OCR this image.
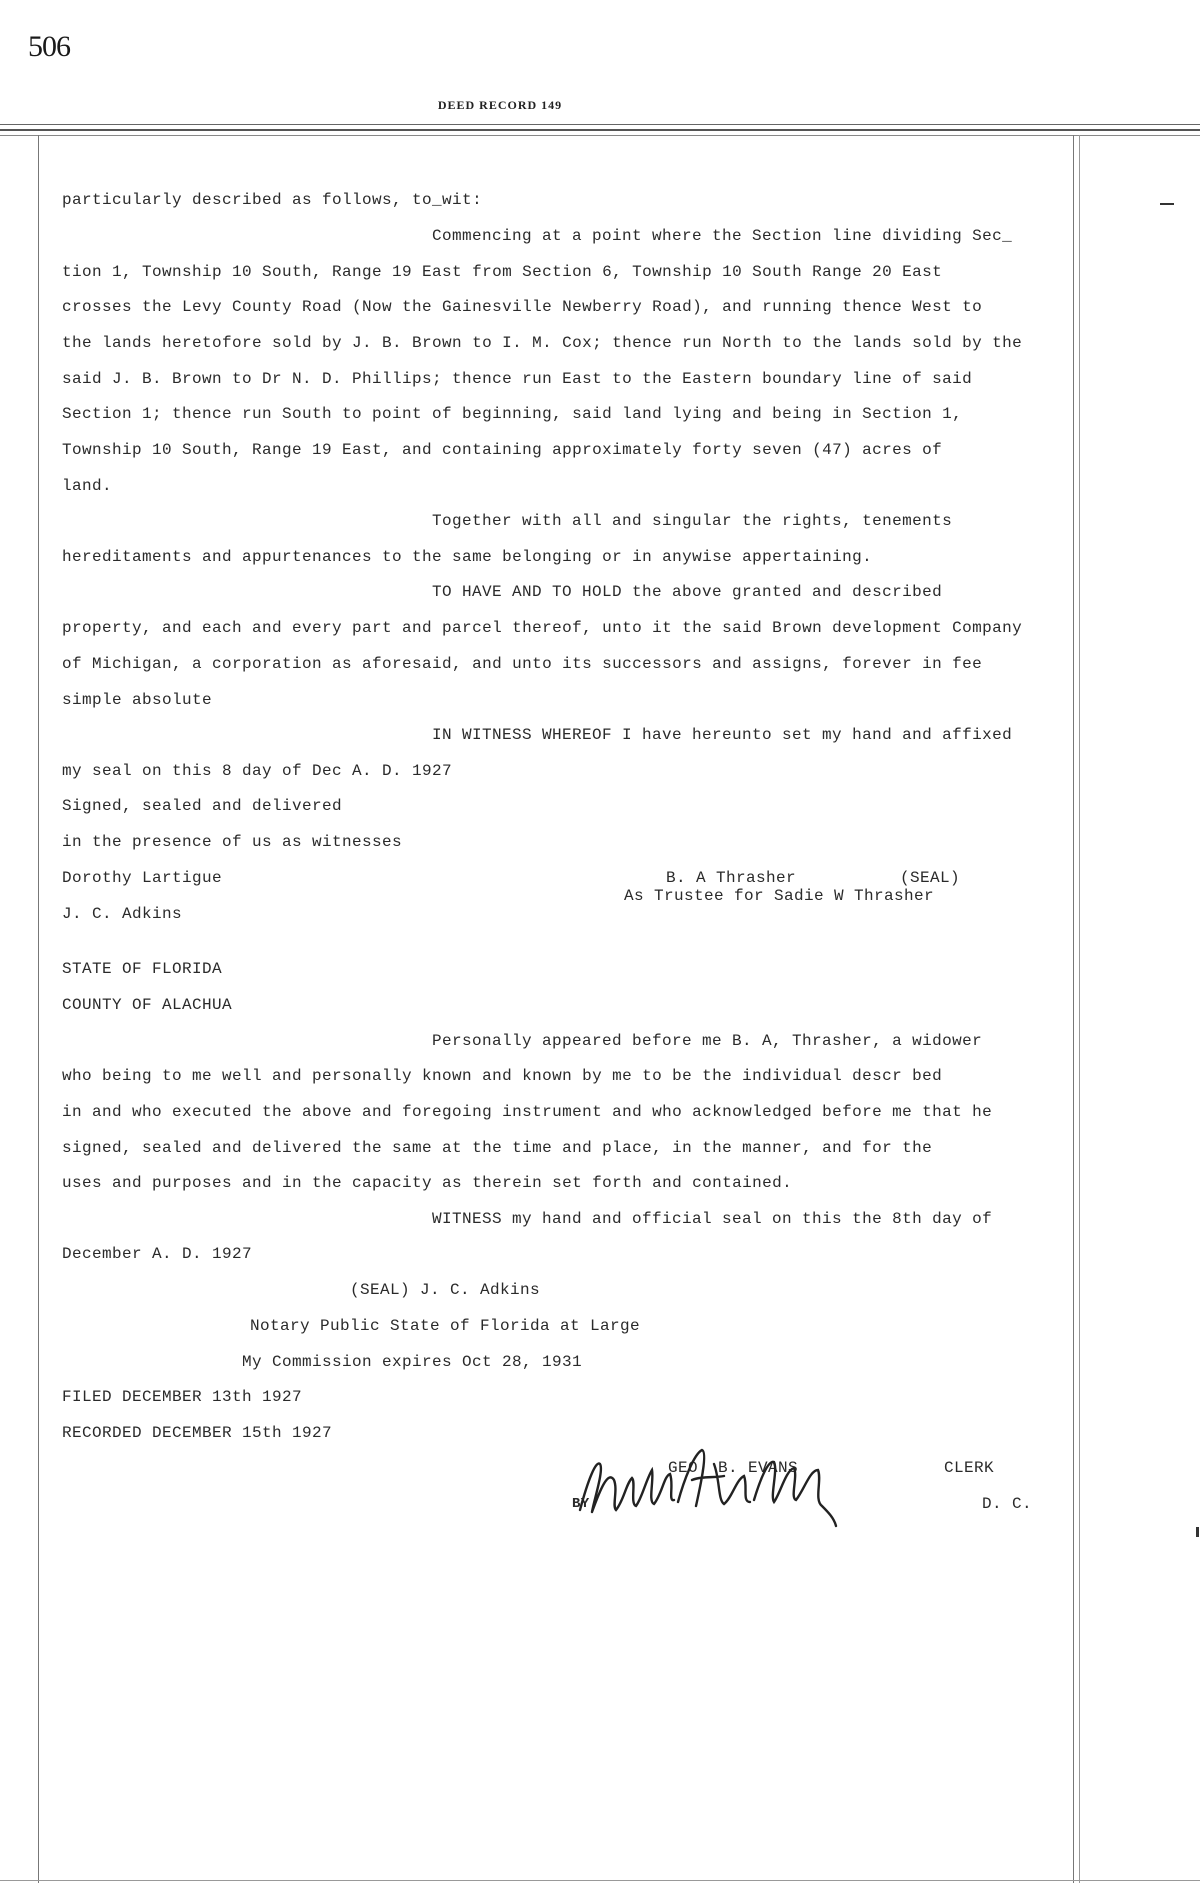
506
DEED RECORD 149
particularly described as follows, to_wit:
Commencing at a point where the Section line dividing Sec_
tion 1, Township 10 South, Range 19 East from Section 6, Township 10 South Range 20 East
crosses the Levy County Road (Now the Gainesville Newberry Road), and running thence West to
the lands heretofore sold by J. B. Brown to I. M. Cox; thence run North to the lands sold by the
said J. B. Brown to Dr N. D. Phillips; thence run East to the Eastern boundary line of said
Section 1; thence run South to point of beginning, said land lying and being in Section 1,
Township 10 South, Range 19 East, and containing approximately forty seven (47) acres of
land.
Together with all and singular the rights, tenements
hereditaments and appurtenances to the same belonging or in anywise appertaining.
TO HAVE AND TO HOLD the above granted and described
property, and each and every part and parcel thereof, unto it the said Brown development Company
of Michigan, a corporation as aforesaid, and unto its successors and assigns, forever in fee
simple absolute
IN WITNESS WHEREOF I have hereunto set my hand and affixed
my seal on this 8 day of Dec A. D. 1927
Signed, sealed and delivered
in the presence of us as witnesses
Dorothy Lartigue
J. C. Adkins
B. A Thrasher	(SEAL)
As Trustee for Sadie W Thrasher
STATE OF FLORIDA
COUNTY OF ALACHUA
Personally appeared before me B. A, Thrasher, a widower
who being to me well and personally known and known by me to be the individual descr bed
in and who executed the above and foregoing instrument and who acknowledged before me that he
signed, sealed and delivered the same at the time and place, in the manner, and for the
uses and purposes and in the capacity as therein set forth and contained.
WITNESS my hand and official seal on this the 8th day of
December A. D. 1927
(SEAL) J. C. Adkins
Notary Public State of Florida at Large
My Commission expires Oct 28, 1931
FILED DECEMBER 13th 1927
RECORDED DECEMBER 15th 1927
GEO. B. EVANS	CLERK
BY	D. C.
